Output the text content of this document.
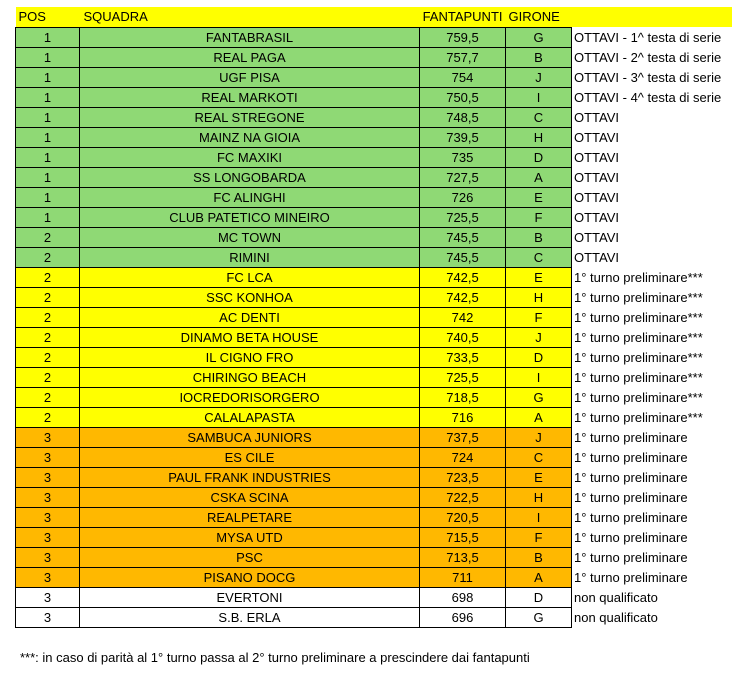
POS	SQUADRA	FANTAPUNTI	GIRONE	
1	FANTABRASIL	759,5	G	OTTAVI - 1^ testa di serie
1	REAL PAGA	757,7	B	OTTAVI - 2^ testa di serie
1	UGF PISA	754	J	OTTAVI - 3^ testa di serie
1	REAL MARKOTI	750,5	I	OTTAVI - 4^ testa di serie
1	REAL STREGONE	748,5	C	OTTAVI
1	MAINZ NA GIOIA	739,5	H	OTTAVI
1	FC MAXIKI	735	D	OTTAVI
1	SS LONGOBARDA	727,5	A	OTTAVI
1	FC ALINGHI	726	E	OTTAVI
1	CLUB PATETICO MINEIRO	725,5	F	OTTAVI
2	MC TOWN	745,5	B	OTTAVI
2	RIMINI	745,5	C	OTTAVI
2	FC LCA	742,5	E	1° turno preliminare***
2	SSC KONHOA	742,5	H	1° turno preliminare***
2	AC DENTI	742	F	1° turno preliminare***
2	DINAMO BETA HOUSE	740,5	J	1° turno preliminare***
2	IL CIGNO FRO	733,5	D	1° turno preliminare***
2	CHIRINGO BEACH	725,5	I	1° turno preliminare***
2	IOCREDORISORGERO	718,5	G	1° turno preliminare***
2	CALALAPASTA	716	A	1° turno preliminare***
3	SAMBUCA JUNIORS	737,5	J	1° turno preliminare
3	ES CILE	724	C	1° turno preliminare
3	PAUL FRANK INDUSTRIES	723,5	E	1° turno preliminare
3	CSKA SCINA	722,5	H	1° turno preliminare
3	REALPETARE	720,5	I	1° turno preliminare
3	MYSA UTD	715,5	F	1° turno preliminare
3	PSC	713,5	B	1° turno preliminare
3	PISANO DOCG	711	A	1° turno preliminare
3	EVERTONI	698	D	non qualificato
3	S.B. ERLA	696	G	non qualificato
***: in caso di parità al 1° turno passa al 2° turno preliminare a prescindere dai fantapunti
